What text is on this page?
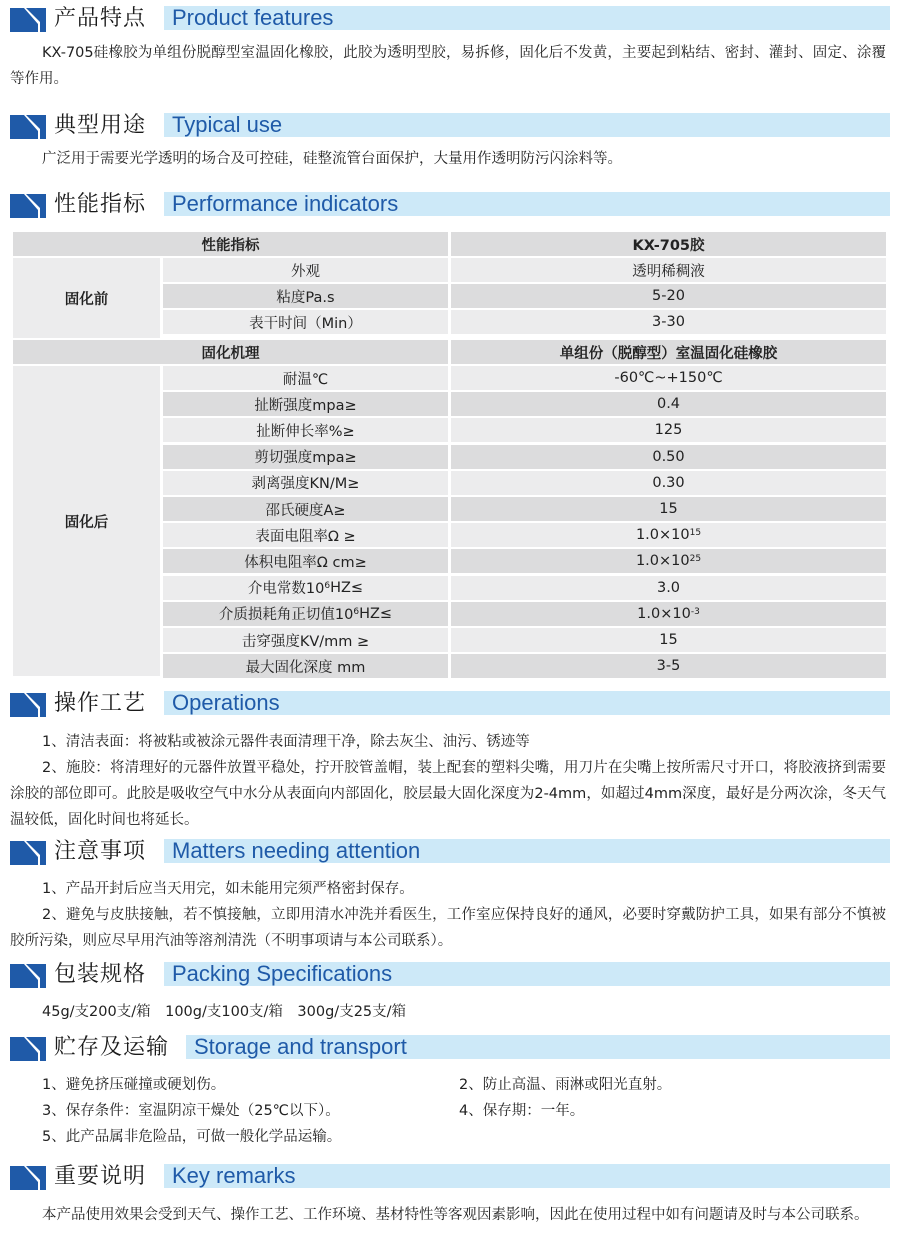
产品特点 Product features

KX-705硅橡胶为单组份脱醇型室温固化橡胶，此胶为透明型胶，易拆修，固化后不发黄，主要起到粘结、密封、灌封、固定、涂覆等作用。

典型用途 Typical use

广泛用于需要光学透明的场合及可控硅，硅整流管台面保护，大量用作透明防污闪涂料等。

性能指标 Performance indicators
性能指标	KX-705胶
固化前
外观	透明稀稠液
粘度Pa.s	5-20
表干时间（Min）	3-30
固化机理	单组份（脱醇型）室温固化硅橡胶
固化后
耐温℃	-60℃~+150℃
扯断强度mpa≥	0.4
扯断伸长率%≥	125
剪切强度mpa≥	0.50
剥离强度KN/M≥	0.30
邵氏硬度A≥	15
表面电阻率Ω ≥	$1.0\times 10^{15}$
体积电阻率Ω cm≥	$1.0\times 10^{25}$
介电常数$10^6$ HZ≤	3.0
介质损耗角正切值$10^6$ HZ≤	$1.0\times 10^{-3}$
击穿强度KV/mm ≥	15
最大固化深度 mm	3-5
操作工艺 Operations

1、清洁表面：将被粘或被涂元器件表面清理干净，除去灰尘、油污、锈迹等

2、施胶：将清理好的元器件放置平稳处，拧开胶管盖帽，装上配套的塑料尖嘴，用刀片在尖嘴上按所需尺寸开口，将胶液挤到需要涂胶的部位即可。此胶是吸收空气中水分从表面向内部固化，胶层最大固化深度为2-4mm，如超过4mm深度，最好是分两次涂，冬天气温较低，固化时间也将延长。

注意事项 Matters needing attention

1、产品开封后应当天用完，如未能用完须严格密封保存。

2、避免与皮肤接触，若不慎接触，立即用清水冲洗并看医生，工作室应保持良好的通风，必要时穿戴防护工具，如果有部分不慎被胶所污染，则应尽早用汽油等溶剂清洗（不明事项请与本公司联系）。

包装规格 Packing Specifications

45g/支200支/箱　100g/支100支/箱　300g/支25支/箱

贮存及运输 Storage and transport
1、避免挤压碰撞或硬划伤。	2、防止高温、雨淋或阳光直射。
3、保存条件：室温阴凉干燥处（25℃以下）。	4、保存期：一年。
5、此产品属非危险品，可做一般化学品运输。
重要说明 Key remarks

本产品使用效果会受到天气、操作工艺、工作环境、基材特性等客观因素影响，因此在使用过程中如有问题请及时与本公司联系。
